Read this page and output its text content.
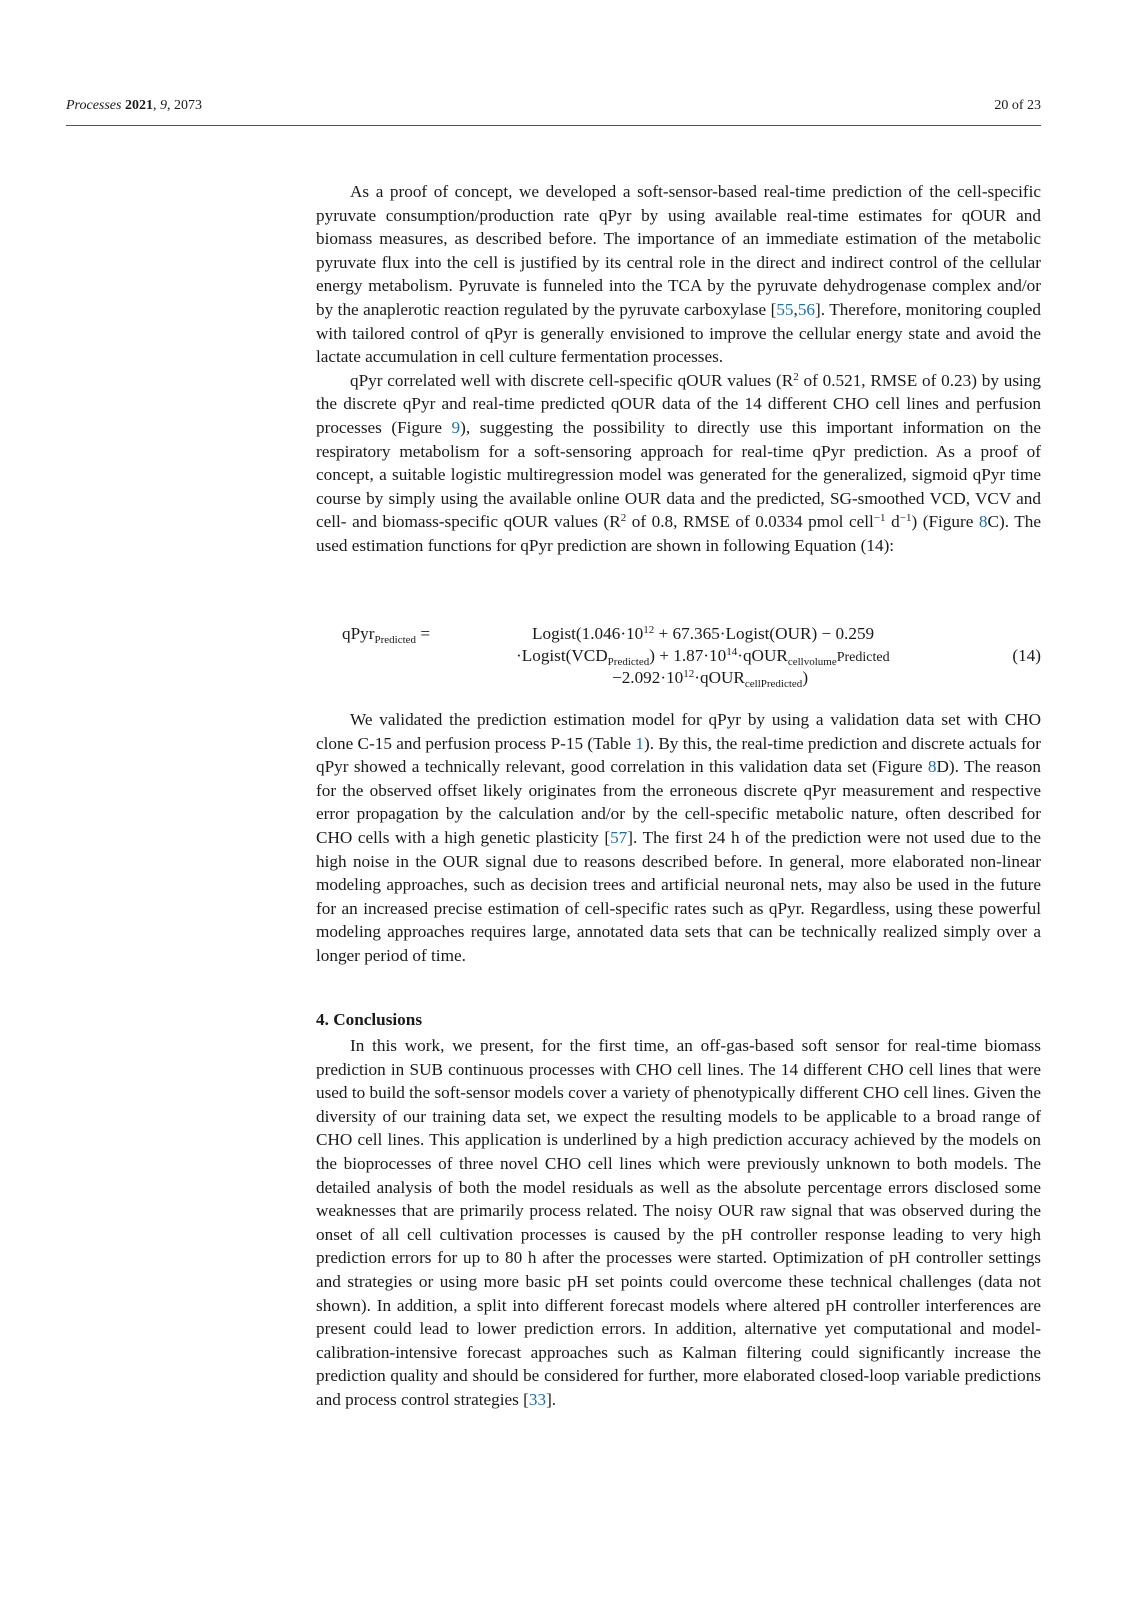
Processes 2021, 9, 2073	20 of 23

As a proof of concept, we developed a soft-sensor-based real-time prediction of the cell-specific pyruvate consumption/production rate qPyr by using available real-time estimates for qOUR and biomass measures, as described before. The importance of an immediate estimation of the metabolic pyruvate flux into the cell is justified by its central role in the direct and indirect control of the cellular energy metabolism. Pyruvate is funneled into the TCA by the pyruvate dehydrogenase complex and/or by the anaplerotic reaction regulated by the pyruvate carboxylase [55,56]. Therefore, monitoring coupled with tailored control of qPyr is generally envisioned to improve the cellular energy state and avoid the lactate accumulation in cell culture fermentation processes.

qPyr correlated well with discrete cell-specific qOUR values ($R^2$ of 0.521, RMSE of 0.23) by using the discrete qPyr and real-time predicted qOUR data of the 14 different CHO cell lines and perfusion processes (Figure 9), suggesting the possibility to directly use this important information on the respiratory metabolism for a soft-sensoring approach for real-time qPyr prediction. As a proof of concept, a suitable logistic multiregression model was generated for the generalized, sigmoid qPyr time course by simply using the available online OUR data and the predicted, SG-smoothed VCD, VCV and cell- and biomass-specific qOUR values ($R^2$ of 0.8, RMSE of 0.0334 pmol cell$^{-1}$ $d^{-1}$) (Figure 8C). The used estimation functions for qPyr prediction are shown in following Equation (14):

qPyr$_{Predicted}$ =	$Logist(1.046\cdot 10^{12}$ + 67.365·Logist(OUR) − 0.259
$\cdot Logist(VCD_{Predicted})$ + $1.87\cdot 10^{14}\cdot qOUR_{cellvolume}Predicted$
$-2.092\cdot 10^{12}\cdot qOUR_{cellPredicted}$)
(14)

We validated the prediction estimation model for qPyr by using a validation data set with CHO clone C-15 and perfusion process P-15 (Table 1). By this, the real-time prediction and discrete actuals for qPyr showed a technically relevant, good correlation in this validation data set (Figure 8D). The reason for the observed offset likely originates from the erroneous discrete qPyr measurement and respective error propagation by the calculation and/or by the cell-specific metabolic nature, often described for CHO cells with a high genetic plasticity [57]. The first 24 h of the prediction were not used due to the high noise in the OUR signal due to reasons described before. In general, more elaborated non-linear modeling approaches, such as decision trees and artificial neuronal nets, may also be used in the future for an increased precise estimation of cell-specific rates such as qPyr. Regardless, using these powerful modeling approaches requires large, annotated data sets that can be technically realized simply over a longer period of time.

4. Conclusions

In this work, we present, for the first time, an off-gas-based soft sensor for real-time biomass prediction in SUB continuous processes with CHO cell lines. The 14 different CHO cell lines that were used to build the soft-sensor models cover a variety of phenotypically different CHO cell lines. Given the diversity of our training data set, we expect the resulting models to be applicable to a broad range of CHO cell lines. This application is underlined by a high prediction accuracy achieved by the models on the bioprocesses of three novel CHO cell lines which were previously unknown to both models. The detailed analysis of both the model residuals as well as the absolute percentage errors disclosed some weaknesses that are primarily process related. The noisy OUR raw signal that was observed during the onset of all cell cultivation processes is caused by the pH controller response leading to very high prediction errors for up to 80 h after the processes were started. Optimization of pH controller settings and strategies or using more basic pH set points could overcome these technical challenges (data not shown). In addition, a split into different forecast models where altered pH controller interferences are present could lead to lower prediction errors. In addition, alternative yet computational and model-calibration-intensive forecast approaches such as Kalman filtering could significantly increase the prediction quality and should be considered for further, more elaborated closed-loop variable predictions and process control strategies [33].
